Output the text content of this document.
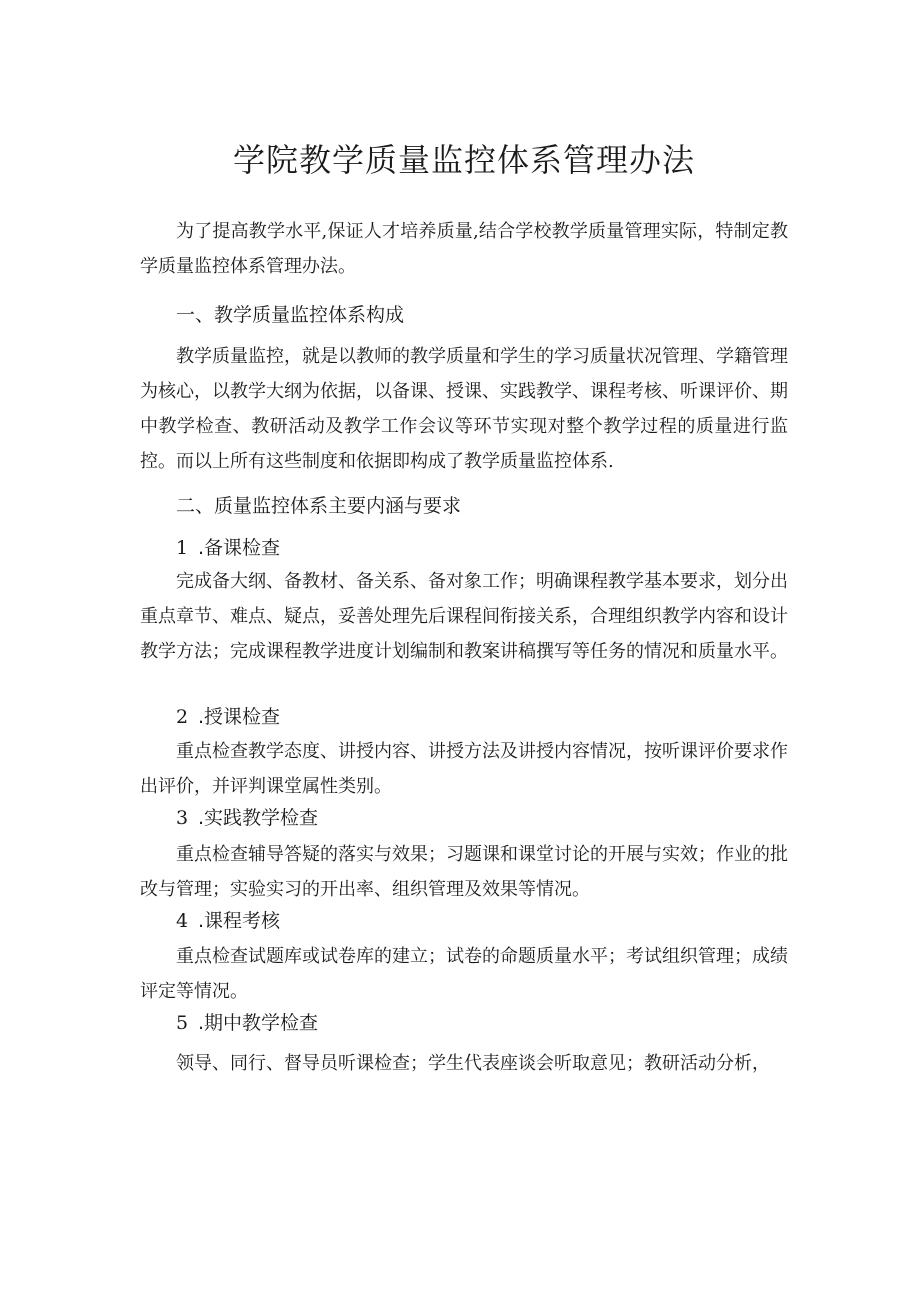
学院教学质量监控体系管理办法

为了提高教学水平,保证人才培养质量,结合学校教学质量管理实际，特制定教学质量监控体系管理办法。

一、教学质量监控体系构成

教学质量监控，就是以教师的教学质量和学生的学习质量状况管理、学籍管理为核心，以教学大纲为依据，以备课、授课、实践教学、课程考核、听课评价、期中教学检查、教研活动及教学工作会议等环节实现对整个教学过程的质量进行监控。而以上所有这些制度和依据即构成了教学质量监控体系.

二、质量监控体系主要内涵与要求
1 .备课检查

完成备大纲、备教材、备关系、备对象工作；明确课程教学基本要求，划分出重点章节、难点、疑点，妥善处理先后课程间衔接关系，合理组织教学内容和设计教学方法；完成课程教学进度计划编制和教案讲稿撰写等任务的情况和质量水平。

2 .授课检查

重点检查教学态度、讲授内容、讲授方法及讲授内容情况，按听课评价要求作出评价，并评判课堂属性类别。

3 .实践教学检查

重点检查辅导答疑的落实与效果；习题课和课堂讨论的开展与实效；作业的批改与管理；实验实习的开出率、组织管理及效果等情况。

4 .课程考核

重点检查试题库或试卷库的建立；试卷的命题质量水平；考试组织管理；成绩评定等情况。

5 .期中教学检查

领导、同行、督导员听课检查；学生代表座谈会听取意见；教研活动分析，
